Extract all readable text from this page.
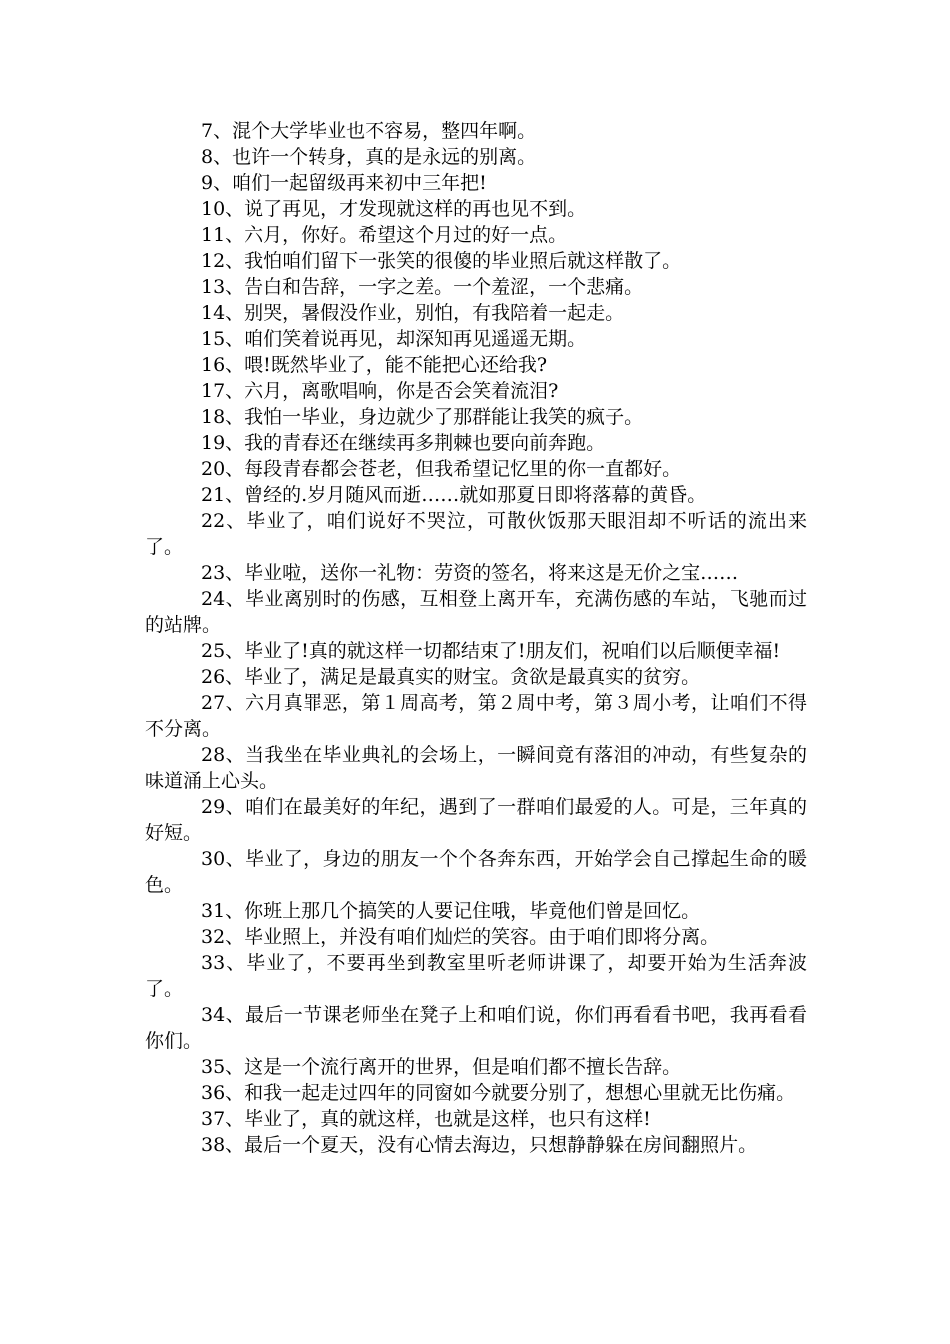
7、混个大学毕业也不容易，整四年啊。

8、也许一个转身，真的是永远的别离。

9、咱们一起留级再来初中三年把!

10、说了再见，才发现就这样的再也见不到。

11、六月，你好。希望这个月过的好一点。

12、我怕咱们留下一张笑的很傻的毕业照后就这样散了。

13、告白和告辞，一字之差。一个羞涩，一个悲痛。

14、别哭，暑假没作业，别怕，有我陪着一起走。

15、咱们笑着说再见，却深知再见遥遥无期。

16、喂!既然毕业了，能不能把心还给我?

17、六月，离歌唱响，你是否会笑着流泪?

18、我怕一毕业，身边就少了那群能让我笑的疯子。

19、我的青春还在继续再多荆棘也要向前奔跑。

20、每段青春都会苍老，但我希望记忆里的你一直都好。

21、曾经的.岁月随风而逝……就如那夏日即将落幕的黄昏。

22、毕业了，咱们说好不哭泣，可散伙饭那天眼泪却不听话的流出来了。

23、毕业啦，送你一礼物：劳资的签名，将来这是无价之宝……

24、毕业离别时的伤感，互相登上离开车，充满伤感的车站，飞驰而过的站牌。

25、毕业了!真的就这样一切都结束了!朋友们，祝咱们以后顺便幸福!

26、毕业了，满足是最真实的财宝。贪欲是最真实的贫穷。

27、六月真罪恶，第１周高考，第２周中考，第３周小考，让咱们不得不分离。

28、当我坐在毕业典礼的会场上，一瞬间竟有落泪的冲动，有些复杂的味道涌上心头。

29、咱们在最美好的年纪，遇到了一群咱们最爱的人。可是，三年真的好短。

30、毕业了，身边的朋友一个个各奔东西，开始学会自己撑起生命的暖色。

31、你班上那几个搞笑的人要记住哦，毕竟他们曾是回忆。

32、毕业照上，并没有咱们灿烂的笑容。由于咱们即将分离。

33、毕业了，不要再坐到教室里听老师讲课了，却要开始为生活奔波了。

34、最后一节课老师坐在凳子上和咱们说，你们再看看书吧，我再看看你们。

35、这是一个流行离开的世界，但是咱们都不擅长告辞。

36、和我一起走过四年的同窗如今就要分别了，想想心里就无比伤痛。

37、毕业了，真的就这样，也就是这样，也只有这样!

38、最后一个夏天，没有心情去海边，只想静静躲在房间翻照片。
